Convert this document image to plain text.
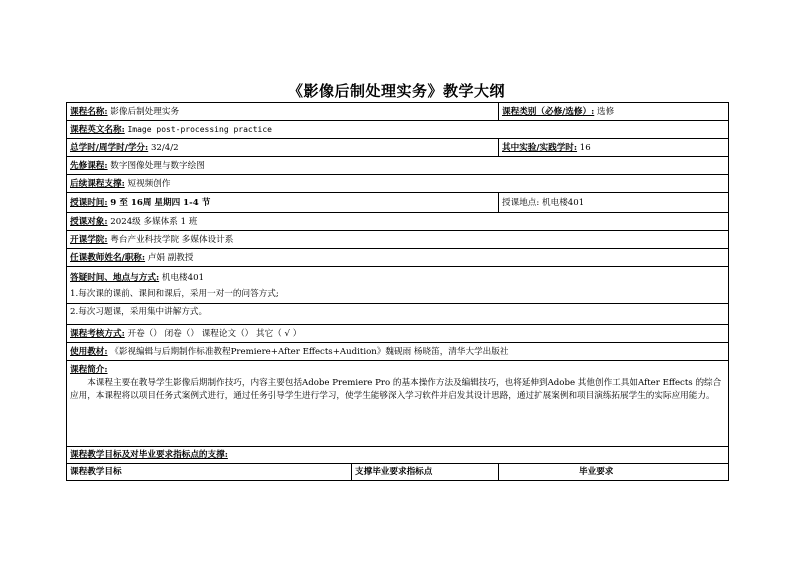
《影像后制处理实务》教学大纲
课程名称: 影像后制处理实务		课程类别（必修/选修）: 选修
课程英文名称: Image post-processing practice		
总学时/周学时/学分: 32/4/2		其中实验/实践学时: 16
先修课程: 数字图像处理与数字绘图		
后续课程支撑: 短视频创作		
授课时间: 9 至 16周 星期四 1-4 节		授课地点: 机电楼401
授课对象: 2024级 多媒体系 1 班		
开课学院: 粤台产业科技学院 多媒体设计系		
任课教师姓名/职称: 卢娟 副教授		

答疑时间、地点与方式: 机电楼401
1.每次课的课前、课间和课后，采用一对一的问答方式;
2.每次习题课，采用集中讲解方式。		

课程考核方式: 开卷（） 闭卷（） 课程论文（） 其它（ √ ）		
使用教材: 《影视编辑与后期制作标准教程Premiere+After Effects+Audition》魏砚雨 杨晓笛，清华大学出版社		

课程简介:

本课程主要在教导学生影像后期制作技巧，内容主要包括Adobe Premiere Pro 的基本操作方法及编辑技巧，也将延伸到Adobe 其他创作工具如After Effects 的综合应用，本课程将以项目任务式案例式进行，通过任务引导学生进行学习，使学生能够深入学习软件并启发其设计思路，通过扩展案例和项目演练拓展学生的实际应用能力。		

课程教学目标及对毕业要求指标点的支撑:		
课程教学目标	支撑毕业要求指标点	毕业要求
